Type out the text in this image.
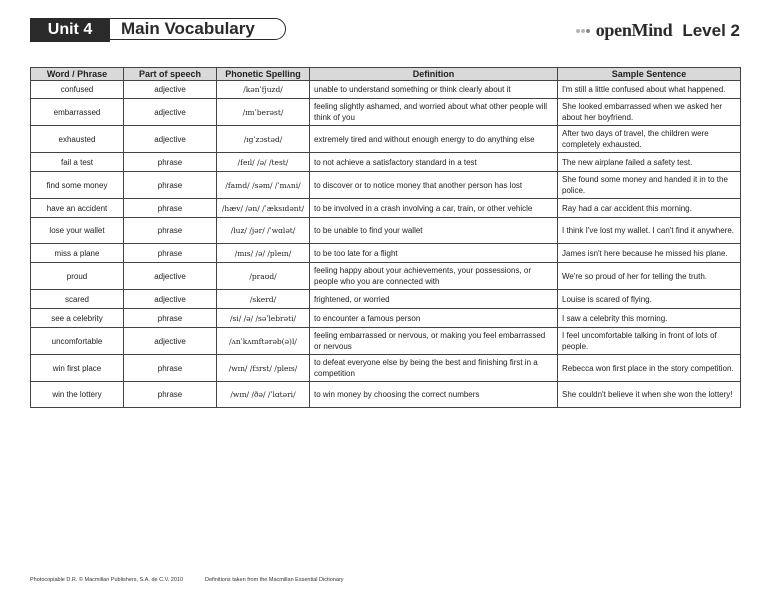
Unit 4	Main Vocabulary	openMind Level 2
Word / Phrase	Part of speech	Phonetic Spelling	Definition	Sample Sentence
confused	adjective	/kənˈfjuzd/	unable to understand something or think clearly about it	I'm still a little confused about what happened.
embarrassed	adjective	/ɪmˈberəst/	feeling slightly ashamed, and worried about what other people will think of you	She looked embarrassed when we asked her about her boyfriend.
exhausted	adjective	/ɪgˈzɔstəd/	extremely tired and without enough energy to do anything else	After two days of travel, the children were completely exhausted.
fail a test	phrase	/feɪl/ /ə/ /test/	to not achieve a satisfactory standard in a test	The new airplane failed a safety test.
find some money	phrase	/faɪnd/ /səm/ /ˈmʌni/	to discover or to notice money that another person has lost	She found some money and handed it in to the police.
have an accident	phrase	/hæv/ /ən/ /ˈæksɪdənt/	to be involved in a crash involving a car, train, or other vehicle	Ray had a car accident this morning.
lose your wallet	phrase	/luz/ /jər/ /ˈwɑlət/	to be unable to find your wallet	I think I've lost my wallet. I can't find it anywhere.
miss a plane	phrase	/mɪs/ /ə/ /pleɪn/	to be too late for a flight	James isn't here because he missed his plane.
proud	adjective	/praʊd/	feeling happy about your achievements, your possessions, or people who you are connected with	We're so proud of her for telling the truth.
scared	adjective	/skerd/	frightened, or worried	Louise is scared of flying.
see a celebrity	phrase	/si/ /ə/ /səˈlebrəti/	to encounter a famous person	I saw a celebrity this morning.
uncomfortable	adjective	/ʌnˈkʌmftərəb(ə)l/	feeling embarrassed or nervous, or making you feel embarrassed or nervous	I feel uncomfortable talking in front of lots of people.
win first place	phrase	/wɪn/ /fɜrst/ /pleɪs/	to defeat everyone else by being the best and finishing first in a competition	Rebecca won first place in the story competition.
win the lottery	phrase	/wɪn/ /ðə/ /ˈlɑtəri/	to win money by choosing the correct numbers	She couldn't believe it when she won the lottery!
Photocopiable D.R. © Macmillan Publishers, S.A. de C.V. 2010	Definitions taken from the Macmillan Essential Dictionary
